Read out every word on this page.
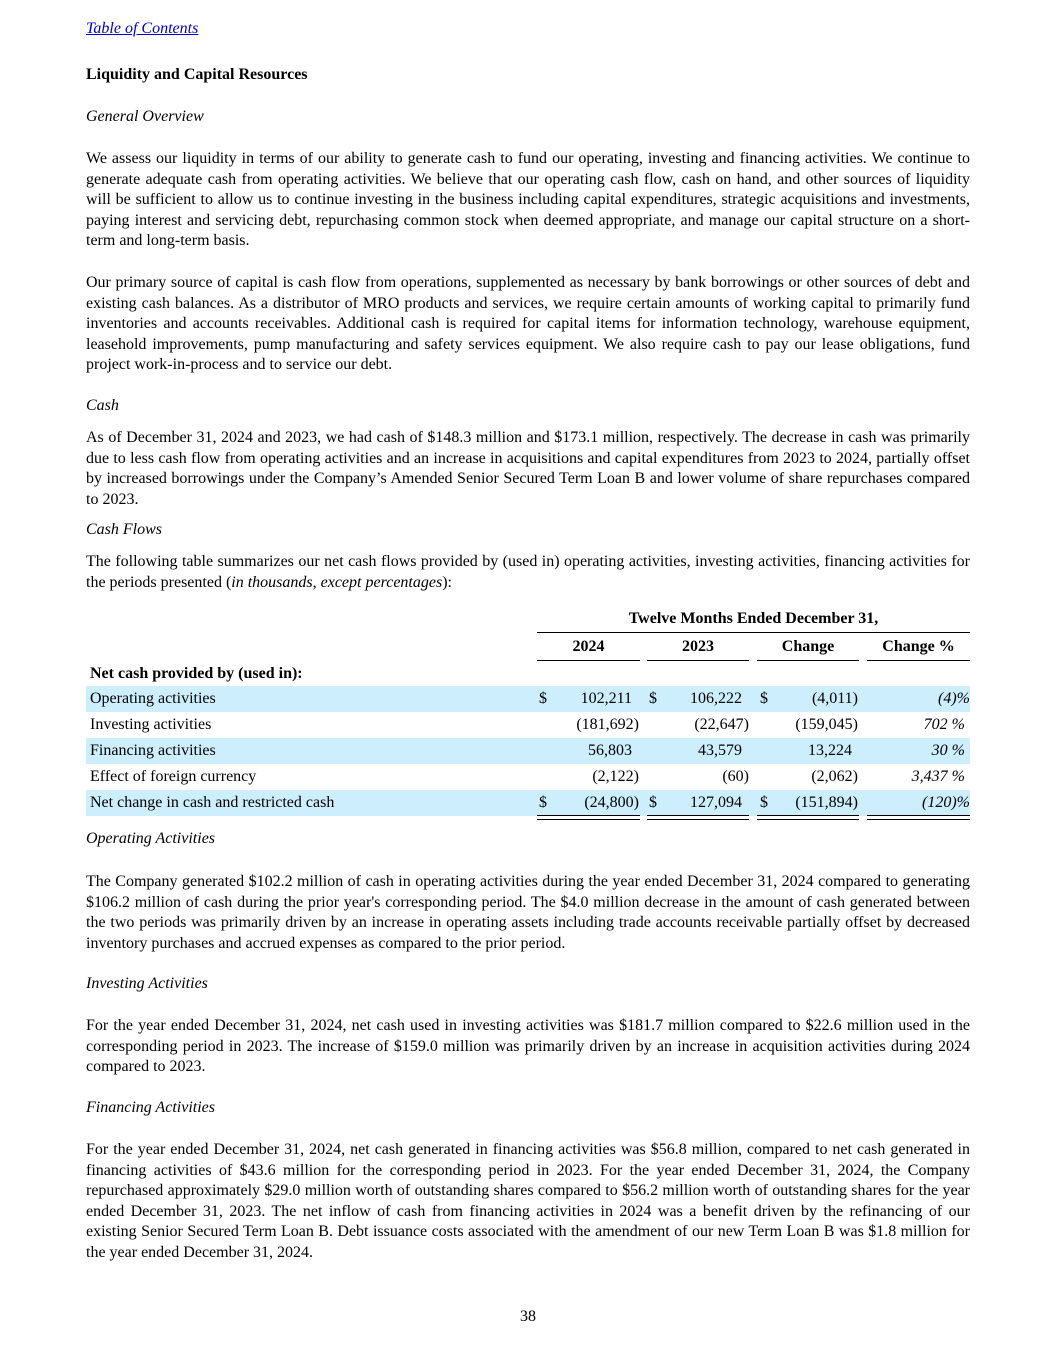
Table of Contents
Liquidity and Capital Resources
General Overview

We assess our liquidity in terms of our ability to generate cash to fund our operating, investing and financing activities. We continue to generate adequate cash from operating activities. We believe that our operating cash flow, cash on hand, and other sources of liquidity will be sufficient to allow us to continue investing in the business including capital expenditures, strategic acquisitions and investments, paying interest and servicing debt, repurchasing common stock when deemed appropriate, and manage our capital structure on a short-term and long-term basis.

Our primary source of capital is cash flow from operations, supplemented as necessary by bank borrowings or other sources of debt and existing cash balances. As a distributor of MRO products and services, we require certain amounts of working capital to primarily fund inventories and accounts receivables. Additional cash is required for capital items for information technology, warehouse equipment, leasehold improvements, pump manufacturing and safety services equipment. We also require cash to pay our lease obligations, fund project work-in-process and to service our debt.

Cash

As of December 31, 2024 and 2023, we had cash of $148.3 million and $173.1 million, respectively. The decrease in cash was primarily due to less cash flow from operating activities and an increase in acquisitions and capital expenditures from 2023 to 2024, partially offset by increased borrowings under the Company’s Amended Senior Secured Term Loan B and lower volume of share repurchases compared to 2023.

Cash Flows

The following table summarizes our net cash flows provided by (used in) operating activities, investing activities, financing activities for the periods presented (in thousands, except percentages):

Twelve Months Ended December 31,
2024	2023	Change	Change %
Net cash provided by (used in):
Operating activities	$ 102,211 $ 106,222 $	(4,011)	(4)%
Investing activities	(181,692)	(22,647)	(159,045)	702 %
Financing activities	56,803	43,579	13,224	30 %
Effect of foreign currency	(2,122)	(60)	(2,062)	3,437 %
Net change in cash and restricted cash	$ (24,800) $ 127,094 $ (151,894)	(120)%
Operating Activities

The Company generated $102.2 million of cash in operating activities during the year ended December 31, 2024 compared to generating $106.2 million of cash during the prior year's corresponding period. The $4.0 million decrease in the amount of cash generated between the two periods was primarily driven by an increase in operating assets including trade accounts receivable partially offset by decreased inventory purchases and accrued expenses as compared to the prior period.

Investing Activities

For the year ended December 31, 2024, net cash used in investing activities was $181.7 million compared to $22.6 million used in the corresponding period in 2023. The increase of $159.0 million was primarily driven by an increase in acquisition activities during 2024 compared to 2023.

Financing Activities

For the year ended December 31, 2024, net cash generated in financing activities was $56.8 million, compared to net cash generated in financing activities of $43.6 million for the corresponding period in 2023. For the year ended December 31, 2024, the Company repurchased approximately $29.0 million worth of outstanding shares compared to $56.2 million worth of outstanding shares for the year ended December 31, 2023. The net inflow of cash from financing activities in 2024 was a benefit driven by the refinancing of our existing Senior Secured Term Loan B. Debt issuance costs associated with the amendment of our new Term Loan B was $1.8 million for the year ended December 31, 2024.

38
